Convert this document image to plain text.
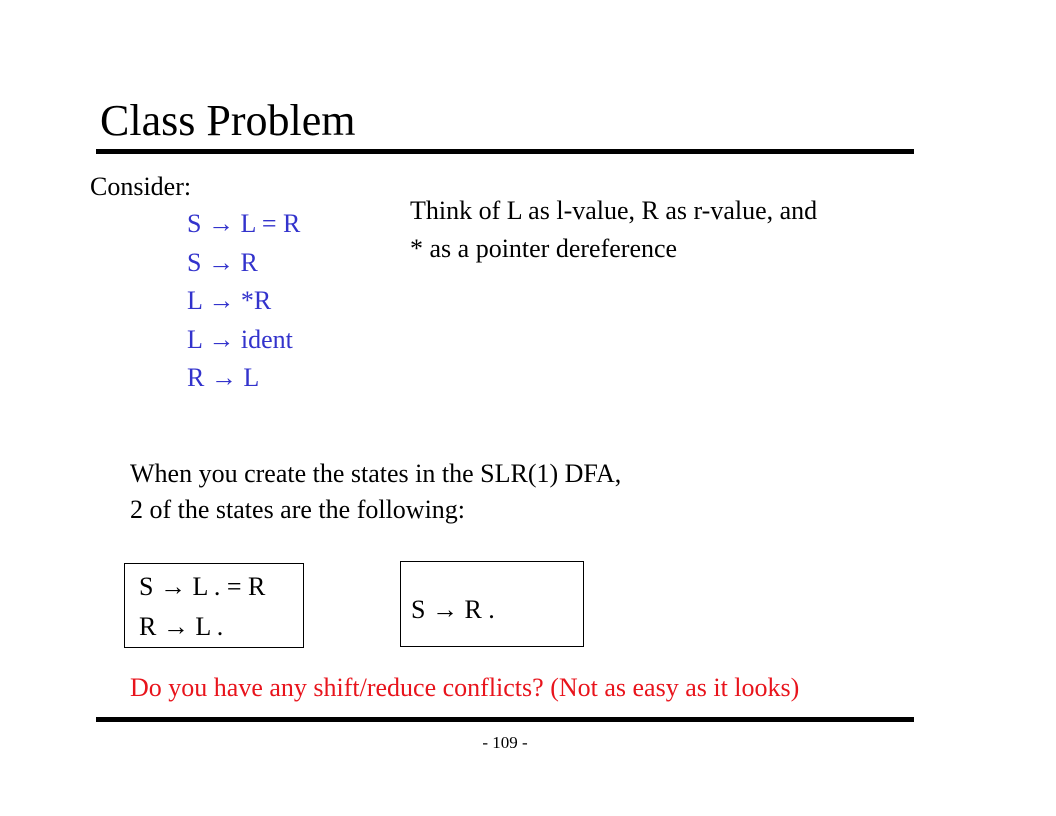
Class Problem
Consider:
S → L = R
S → R
L → *R
L → ident
R → L
Think of L as l-value, R as r-value, and
* as a pointer dereference
When you create the states in the SLR(1) DFA,
2 of the states are the following:
S → L . = R
R → L .
S → R .
Do you have any shift/reduce conflicts? (Not as easy as it looks)
- 109 -
